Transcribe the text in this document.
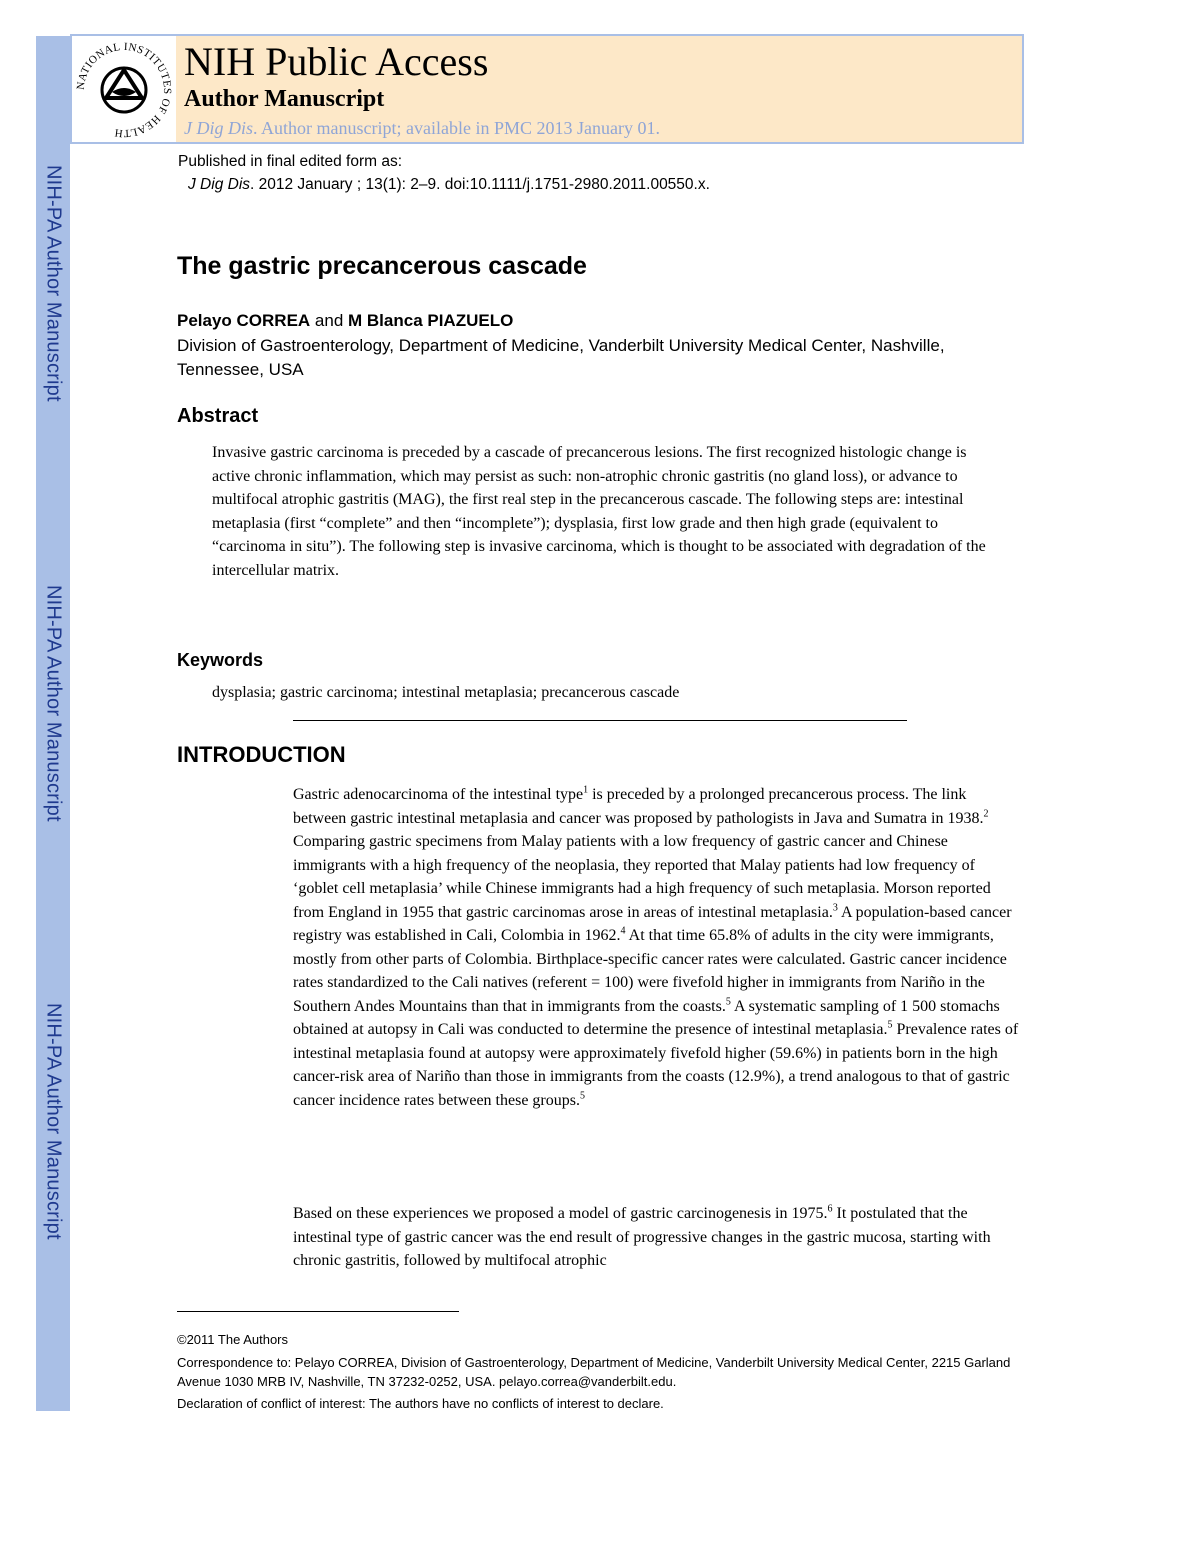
NIH-PA Author Manuscript
NIH-PA Author Manuscript
NIH-PA Author Manuscript
NATIONAL INSTITUTES OF HEALTH
NIH Public Access
Author Manuscript
J Dig Dis. Author manuscript; available in PMC 2013 January 01.
Published in final edited form as:
J Dig Dis. 2012 January ; 13(1): 2–9. doi:10.1111/j.1751-2980.2011.00550.x.
The gastric precancerous cascade
Pelayo CORREA and M Blanca PIAZUELO
Division of Gastroenterology, Department of Medicine, Vanderbilt University Medical Center, Nashville, Tennessee, USA
Abstract
Invasive gastric carcinoma is preceded by a cascade of precancerous lesions. The first recognized histologic change is active chronic inflammation, which may persist as such: non-atrophic chronic gastritis (no gland loss), or advance to multifocal atrophic gastritis (MAG), the first real step in the precancerous cascade. The following steps are: intestinal metaplasia (first “complete” and then “incomplete”); dysplasia, first low grade and then high grade (equivalent to “carcinoma in situ”). The following step is invasive carcinoma, which is thought to be associated with degradation of the intercellular matrix.
Keywords
dysplasia; gastric carcinoma; intestinal metaplasia; precancerous cascade
INTRODUCTION

Gastric adenocarcinoma of the intestinal type$^1$ is preceded by a prolonged precancerous process. The link between gastric intestinal metaplasia and cancer was proposed by pathologists in Java and Sumatra in 1938.$^2$ Comparing gastric specimens from Malay patients with a low frequency of gastric cancer and Chinese immigrants with a high frequency of the neoplasia, they reported that Malay patients had low frequency of ‘goblet cell metaplasia’ while Chinese immigrants had a high frequency of such metaplasia. Morson reported from England in 1955 that gastric carcinomas arose in areas of intestinal metaplasia.$^3$ A population-based cancer registry was established in Cali, Colombia in 1962.$^4$ At that time 65.8% of adults in the city were immigrants, mostly from other parts of Colombia. Birthplace-specific cancer rates were calculated. Gastric cancer incidence rates standardized to the Cali natives (referent = 100) were fivefold higher in immigrants from Nariño in the Southern Andes Mountains than that in immigrants from the coasts.$^5$ A systematic sampling of 1 500 stomachs obtained at autopsy in Cali was conducted to determine the presence of intestinal metaplasia.$^5$ Prevalence rates of intestinal metaplasia found at autopsy were approximately fivefold higher (59.6%) in patients born in the high cancer-risk area of Nariño than those in immigrants from the coasts (12.9%), a trend analogous to that of gastric cancer incidence rates between these groups.$^5$

Based on these experiences we proposed a model of gastric carcinogenesis in 1975.$^6$ It postulated that the intestinal type of gastric cancer was the end result of progressive changes in the gastric mucosa, starting with chronic gastritis, followed by multifocal atrophic

©2011 The Authors
Correspondence to: Pelayo CORREA, Division of Gastroenterology, Department of Medicine, Vanderbilt University Medical Center, 2215 Garland Avenue 1030 MRB IV, Nashville, TN 37232-0252, USA. pelayo.correa@vanderbilt.edu.
Declaration of conflict of interest: The authors have no conflicts of interest to declare.
